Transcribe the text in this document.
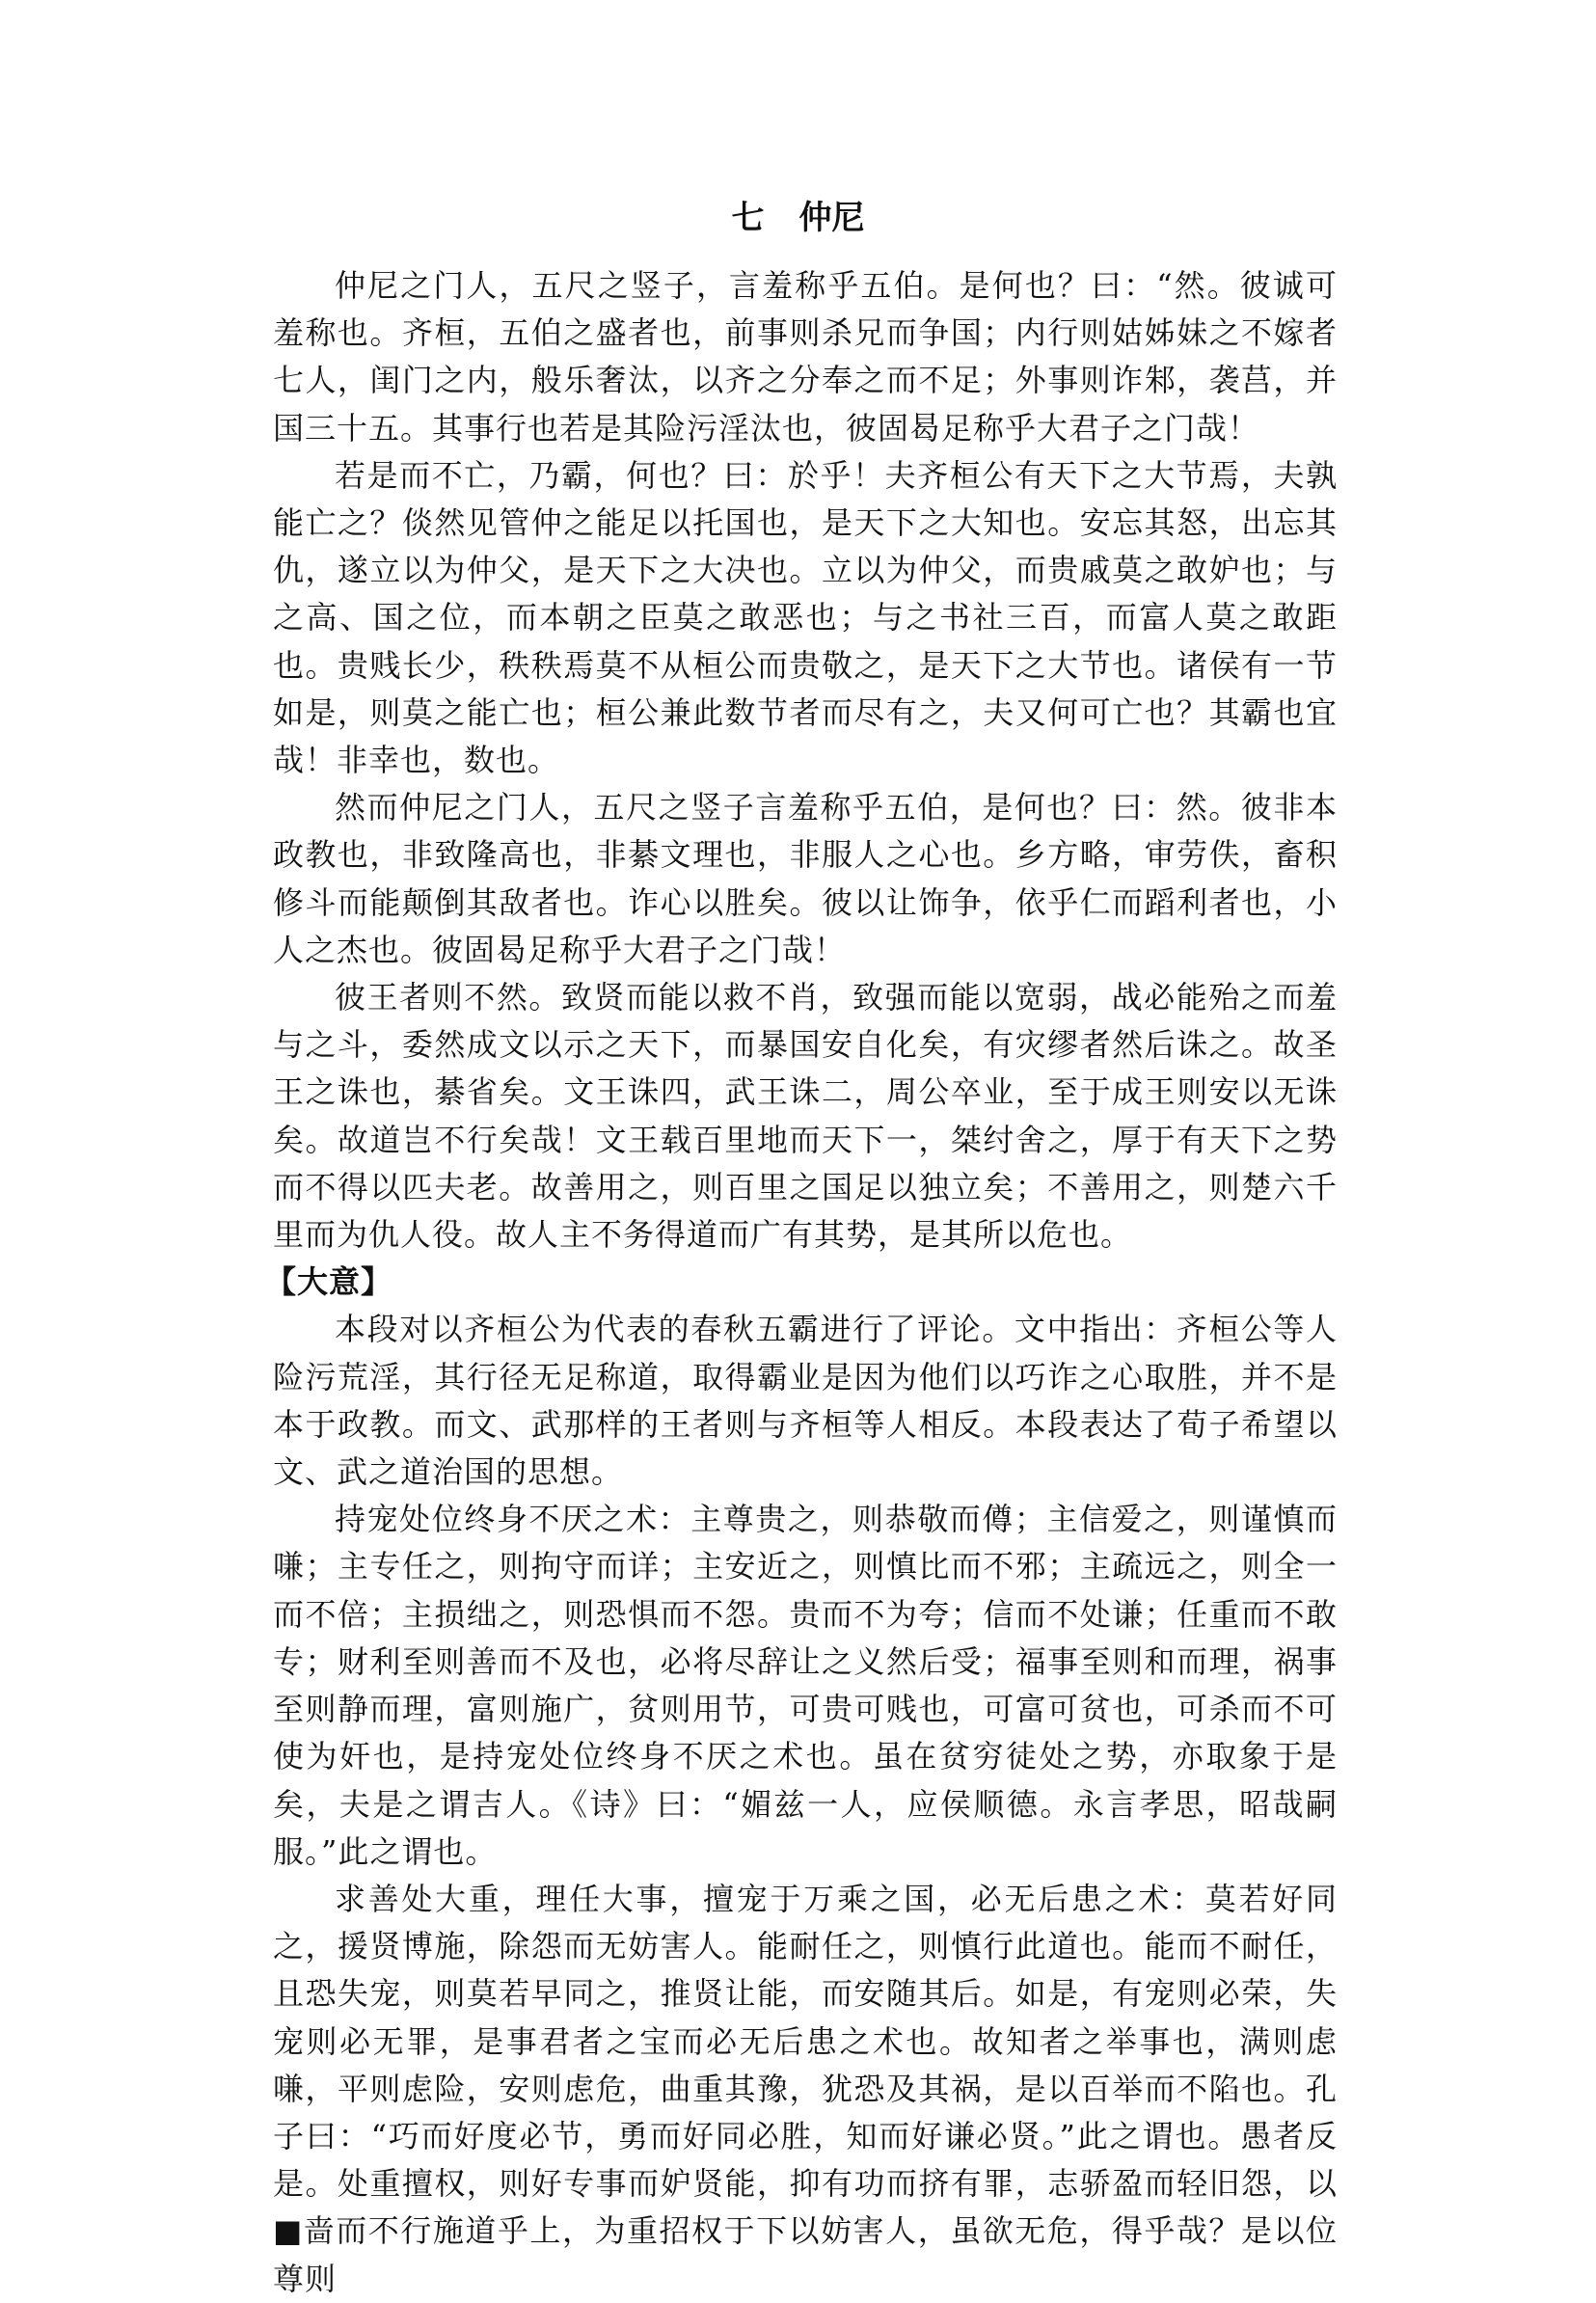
七 仲尼

仲尼之门人，五尺之竖子，言羞称乎五伯。是何也？曰：“然。彼诚可羞称也。齐桓，五伯之盛者也，前事则杀兄而争国；内行则姑姊妹之不嫁者七人，闺门之内，般乐奢汰，以齐之分奉之而不足；外事则诈邾，袭莒，并国三十五。其事行也若是其险污淫汰也，彼固曷足称乎大君子之门哉！

若是而不亡，乃霸，何也？曰：於乎！夫齐桓公有天下之大节焉，夫孰能亡之？倓然见管仲之能足以托国也，是天下之大知也。安忘其怒，出忘其仇，遂立以为仲父，是天下之大决也。立以为仲父，而贵戚莫之敢妒也；与之高、国之位，而本朝之臣莫之敢恶也；与之书社三百，而富人莫之敢距也。贵贱长少，秩秩焉莫不从桓公而贵敬之，是天下之大节也。诸侯有一节如是，则莫之能亡也；桓公兼此数节者而尽有之，夫又何可亡也？其霸也宜哉！非幸也，数也。

然而仲尼之门人，五尺之竖子言羞称乎五伯，是何也？曰：然。彼非本政教也，非致隆高也，非綦文理也，非服人之心也。乡方略，审劳佚，畜积修斗而能颠倒其敌者也。诈心以胜矣。彼以让饰争，依乎仁而蹈利者也，小人之杰也。彼固曷足称乎大君子之门哉！

彼王者则不然。致贤而能以救不肖，致强而能以宽弱，战必能殆之而羞与之斗，委然成文以示之天下，而暴国安自化矣，有灾缪者然后诛之。故圣王之诛也，綦省矣。文王诛四，武王诛二，周公卒业，至于成王则安以无诛矣。故道岂不行矣哉！文王载百里地而天下一，桀纣舍之，厚于有天下之势而不得以匹夫老。故善用之，则百里之国足以独立矣；不善用之，则楚六千里而为仇人役。故人主不务得道而广有其势，是其所以危也。

【大意】

本段对以齐桓公为代表的春秋五霸进行了评论。文中指出：齐桓公等人险污荒淫，其行径无足称道，取得霸业是因为他们以巧诈之心取胜，并不是本于政教。而文、武那样的王者则与齐桓等人相反。本段表达了荀子希望以文、武之道治国的思想。

持宠处位终身不厌之术：主尊贵之，则恭敬而僔；主信爱之，则谨慎而嗛；主专任之，则拘守而详；主安近之，则慎比而不邪；主疏远之，则全一而不倍；主损绌之，则恐惧而不怨。贵而不为夸；信而不处谦；任重而不敢专；财利至则善而不及也，必将尽辞让之义然后受；福事至则和而理，祸事至则静而理，富则施广，贫则用节，可贵可贱也，可富可贫也，可杀而不可使为奸也，是持宠处位终身不厌之术也。虽在贫穷徒处之势，亦取象于是矣，夫是之谓吉人。《诗》曰：“媚兹一人，应侯顺德。永言孝思，昭哉嗣服。”此之谓也。

求善处大重，理任大事，擅宠于万乘之国，必无后患之术：莫若好同之，援贤博施，除怨而无妨害人。能耐任之，则慎行此道也。能而不耐任，且恐失宠，则莫若早同之，推贤让能，而安随其后。如是，有宠则必荣，失宠则必无罪，是事君者之宝而必无后患之术也。故知者之举事也，满则虑嗛，平则虑险，安则虑危，曲重其豫，犹恐及其祸，是以百举而不陷也。孔子曰：“巧而好度必节，勇而好同必胜，知而好谦必贤。”此之谓也。愚者反是。处重擅权，则好专事而妒贤能，抑有功而挤有罪，志骄盈而轻旧怨，以■啬而不行施道乎上，为重招权于下以妨害人，虽欲无危，得乎哉？是以位尊则
